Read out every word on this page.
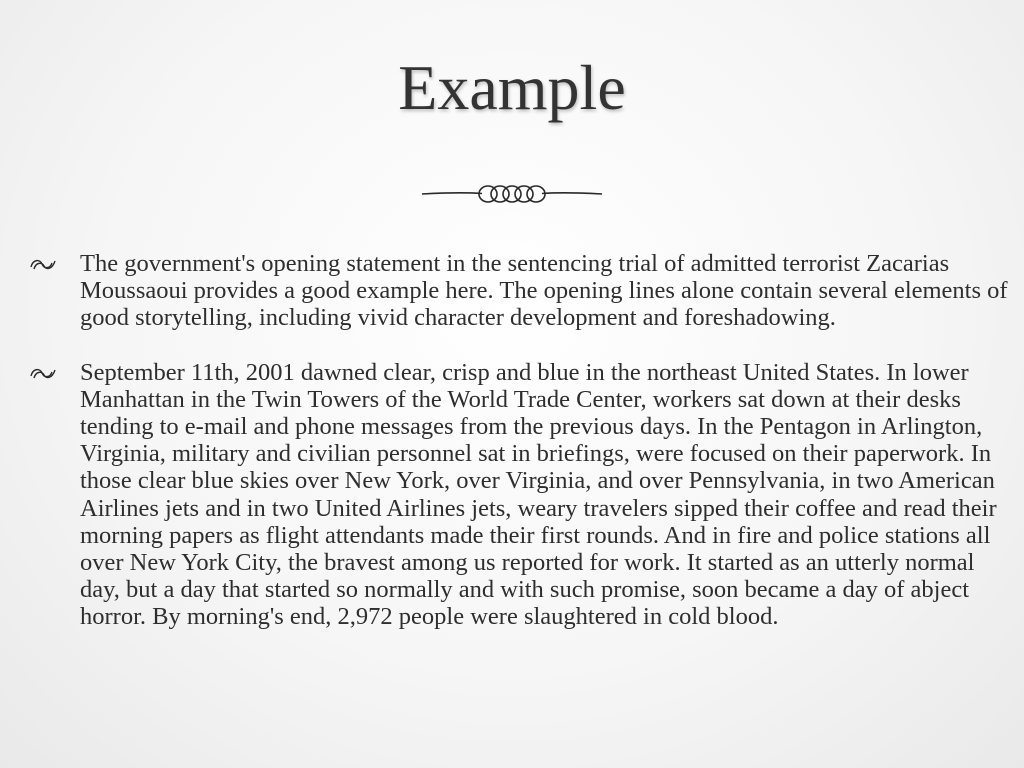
Example
The government's opening statement in the sentencing trial of admitted terrorist Zacarias Moussaoui provides a good example here. The opening lines alone contain several elements of good storytelling, including vivid character development and foreshadowing.
September 11th, 2001 dawned clear, crisp and blue in the northeast United States. In lower Manhattan in the Twin Towers of the World Trade Center, workers sat down at their desks tending to e-mail and phone messages from the previous days. In the Pentagon in Arlington, Virginia, military and civilian personnel sat in briefings, were focused on their paperwork. In those clear blue skies over New York, over Virginia, and over Pennsylvania, in two American Airlines jets and in two United Airlines jets, weary travelers sipped their coffee and read their morning papers as flight attendants made their first rounds. And in fire and police stations all over New York City, the bravest among us reported for work. It started as an utterly normal day, but a day that started so normally and with such promise, soon became a day of abject horror. By morning's end, 2,972 people were slaughtered in cold blood.
